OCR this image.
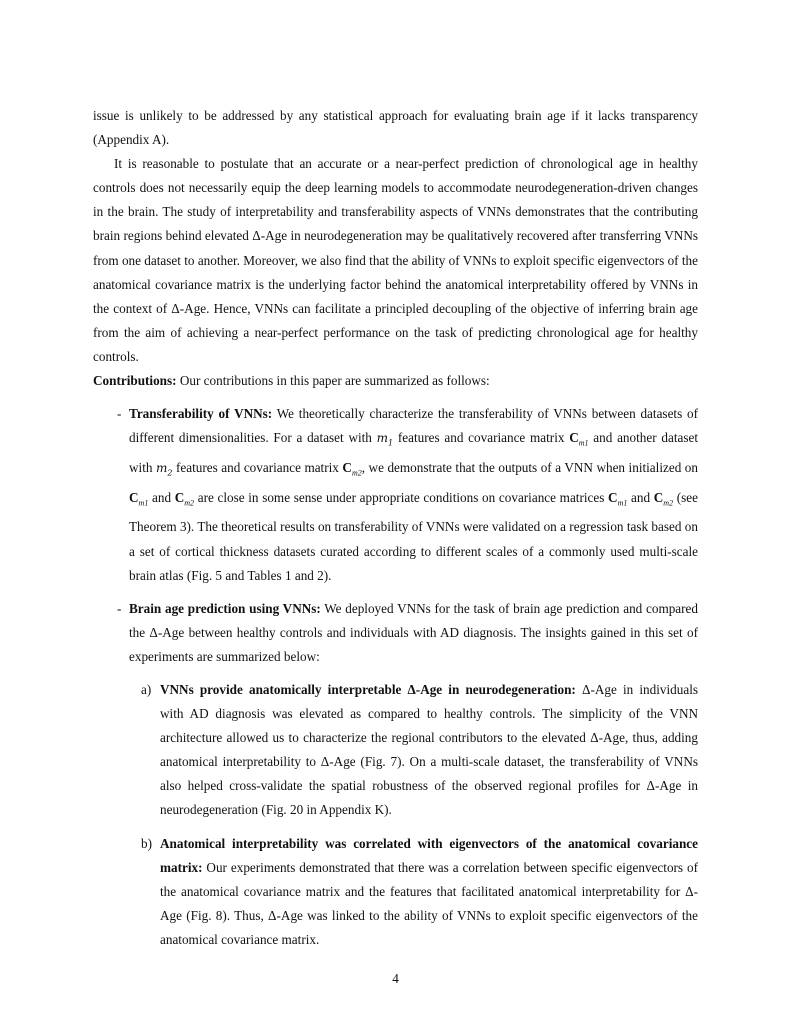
issue is unlikely to be addressed by any statistical approach for evaluating brain age if it lacks transparency (Appendix A).

It is reasonable to postulate that an accurate or a near-perfect prediction of chronological age in healthy controls does not necessarily equip the deep learning models to accommodate neurodegeneration-driven changes in the brain. The study of interpretability and transferability aspects of VNNs demonstrates that the contributing brain regions behind elevated Δ-Age in neurodegeneration may be qualitatively recovered after transferring VNNs from one dataset to another. Moreover, we also find that the ability of VNNs to exploit specific eigenvectors of the anatomical covariance matrix is the underlying factor behind the anatomical interpretability offered by VNNs in the context of Δ-Age. Hence, VNNs can facilitate a principled decoupling of the objective of inferring brain age from the aim of achieving a near-perfect performance on the task of predicting chronological age for healthy controls.

Contributions: Our contributions in this paper are summarized as follows:

- Transferability of VNNs: We theoretically characterize the transferability of VNNs between datasets of different dimensionalities. For a dataset with $m_1$ features and covariance matrix $C_{m1}$ and another dataset with $m_2$ features and covariance matrix $C_{m2}$, we demonstrate that the outputs of a VNN when initialized on $C_{m1}$ and $C_{m2}$ are close in some sense under appropriate conditions on covariance matrices $C_{m1}$ and $C_{m2}$ (see Theorem 3). The theoretical results on transferability of VNNs were validated on a regression task based on a set of cortical thickness datasets curated according to different scales of a commonly used multi-scale brain atlas (Fig. 5 and Tables 1 and 2).
- Brain age prediction using VNNs: We deployed VNNs for the task of brain age prediction and compared the Δ-Age between healthy controls and individuals with AD diagnosis. The insights gained in this set of experiments are summarized below:
a) VNNs provide anatomically interpretable Δ-Age in neurodegeneration: Δ-Age in individuals with AD diagnosis was elevated as compared to healthy controls. The simplicity of the VNN architecture allowed us to characterize the regional contributors to the elevated Δ-Age, thus, adding anatomical interpretability to Δ-Age (Fig. 7). On a multi-scale dataset, the transferability of VNNs also helped cross-validate the spatial robustness of the observed regional profiles for Δ-Age in neurodegeneration (Fig. 20 in Appendix K).
b) Anatomical interpretability was correlated with eigenvectors of the anatomical covariance matrix: Our experiments demonstrated that there was a correlation between specific eigenvectors of the anatomical covariance matrix and the features that facilitated anatomical interpretability for Δ-Age (Fig. 8). Thus, Δ-Age was linked to the ability of VNNs to exploit specific eigenvectors of the anatomical covariance matrix.
4
